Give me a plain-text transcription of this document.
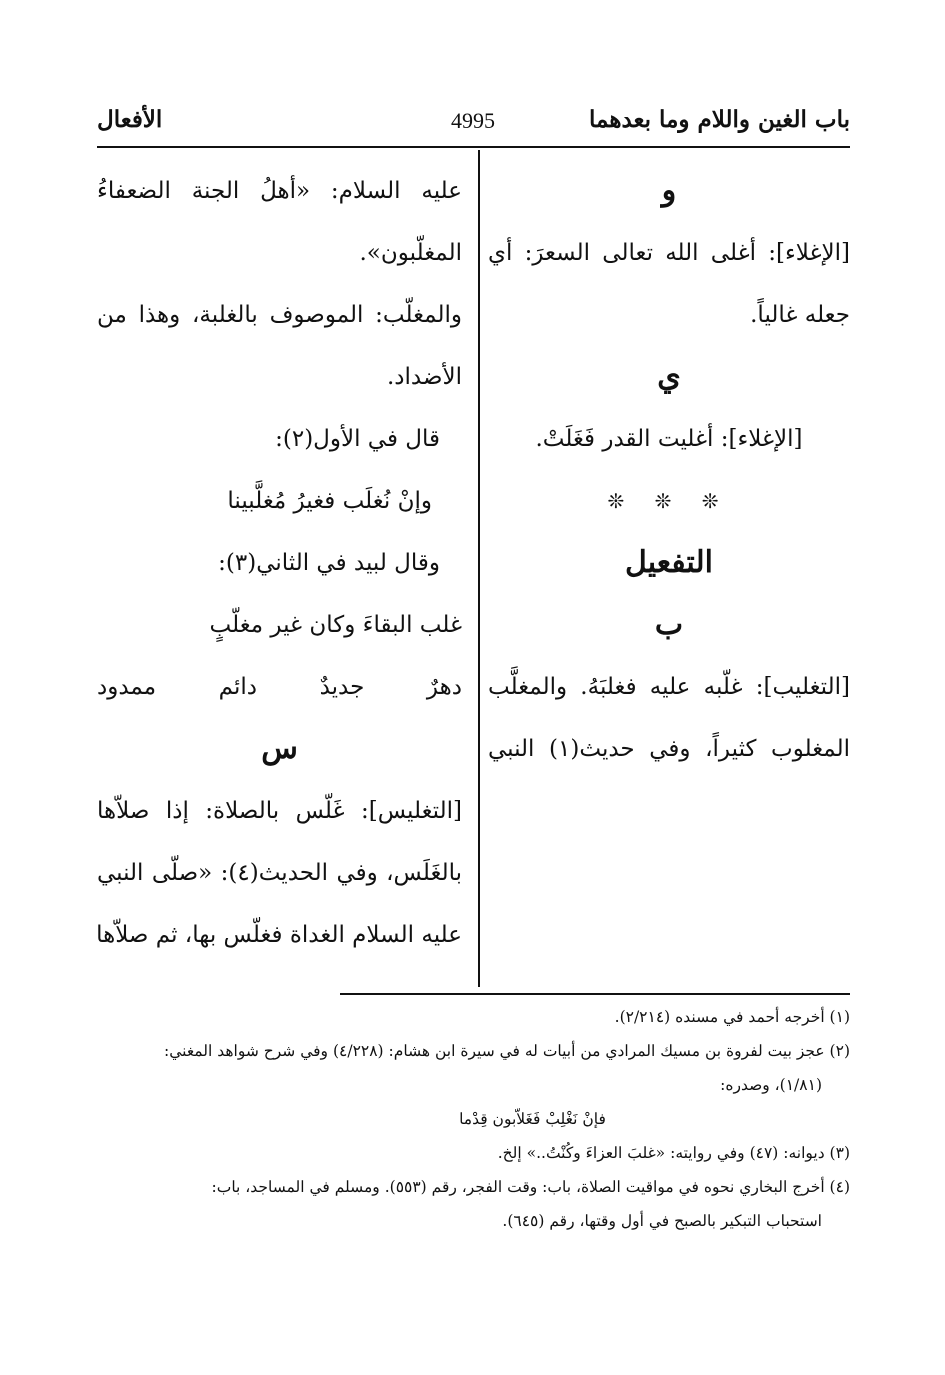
باب الغين واللام وما بعدهما
4995
الأفعال
و
[الإغلاء]: أغلى الله تعالى السعرَ: أي
جعله غالياً.
ي
[الإغلاء]: أغليت القدر فَغَلَتْ.
❊ ❊ ❊
التفعيل
ب
[التغليب]: غلّبه عليه فغلبَهُ. والمغلَّب
المغلوب كثيراً، وفي حديث(١) النبي
عليه السلام: «أهلُ الجنة الضعفاءُ
المغلّبون».
والمغلّب: الموصوف بالغلبة، وهذا من
الأضداد.
قال في الأول(٢):
وإنْ نُغلَب فغيرُ مُغلَّبينا
وقال لبيد في الثاني(٣):
غلب البقاءَ وكان غير مغلّبٍ
دهرٌ جديدٌ دائم ممدود
س
[التغليس]: غَلّس بالصلاة: إذا صلاّها
بالغَلَس، وفي الحديث(٤): «صلّى النبي
عليه السلام الغداة فغلّس بها، ثم صلاّها
(١) أخرجه أحمد في مسنده (٢/٢١٤).
(٢) عجز بيت لفروة بن مسيك المرادي من أبيات له في سيرة ابن هشام: (٤/٢٢٨) وفي شرح شواهد المغني:
(١/٨١)، وصدره:
فإنْ نَغْلِبْ فَغَلاّبون قِدْما
(٣) ديوانه: (٤٧) وفي روايته: «غلبَ العزاءَ وكُنْتُ..» إلخ.
(٤) أخرج البخاري نحوه في مواقيت الصلاة، باب: وقت الفجر، رقم (٥٥٣). ومسلم في المساجد، باب:
استحباب التبكير بالصبح في أول وقتها، رقم (٦٤٥).
